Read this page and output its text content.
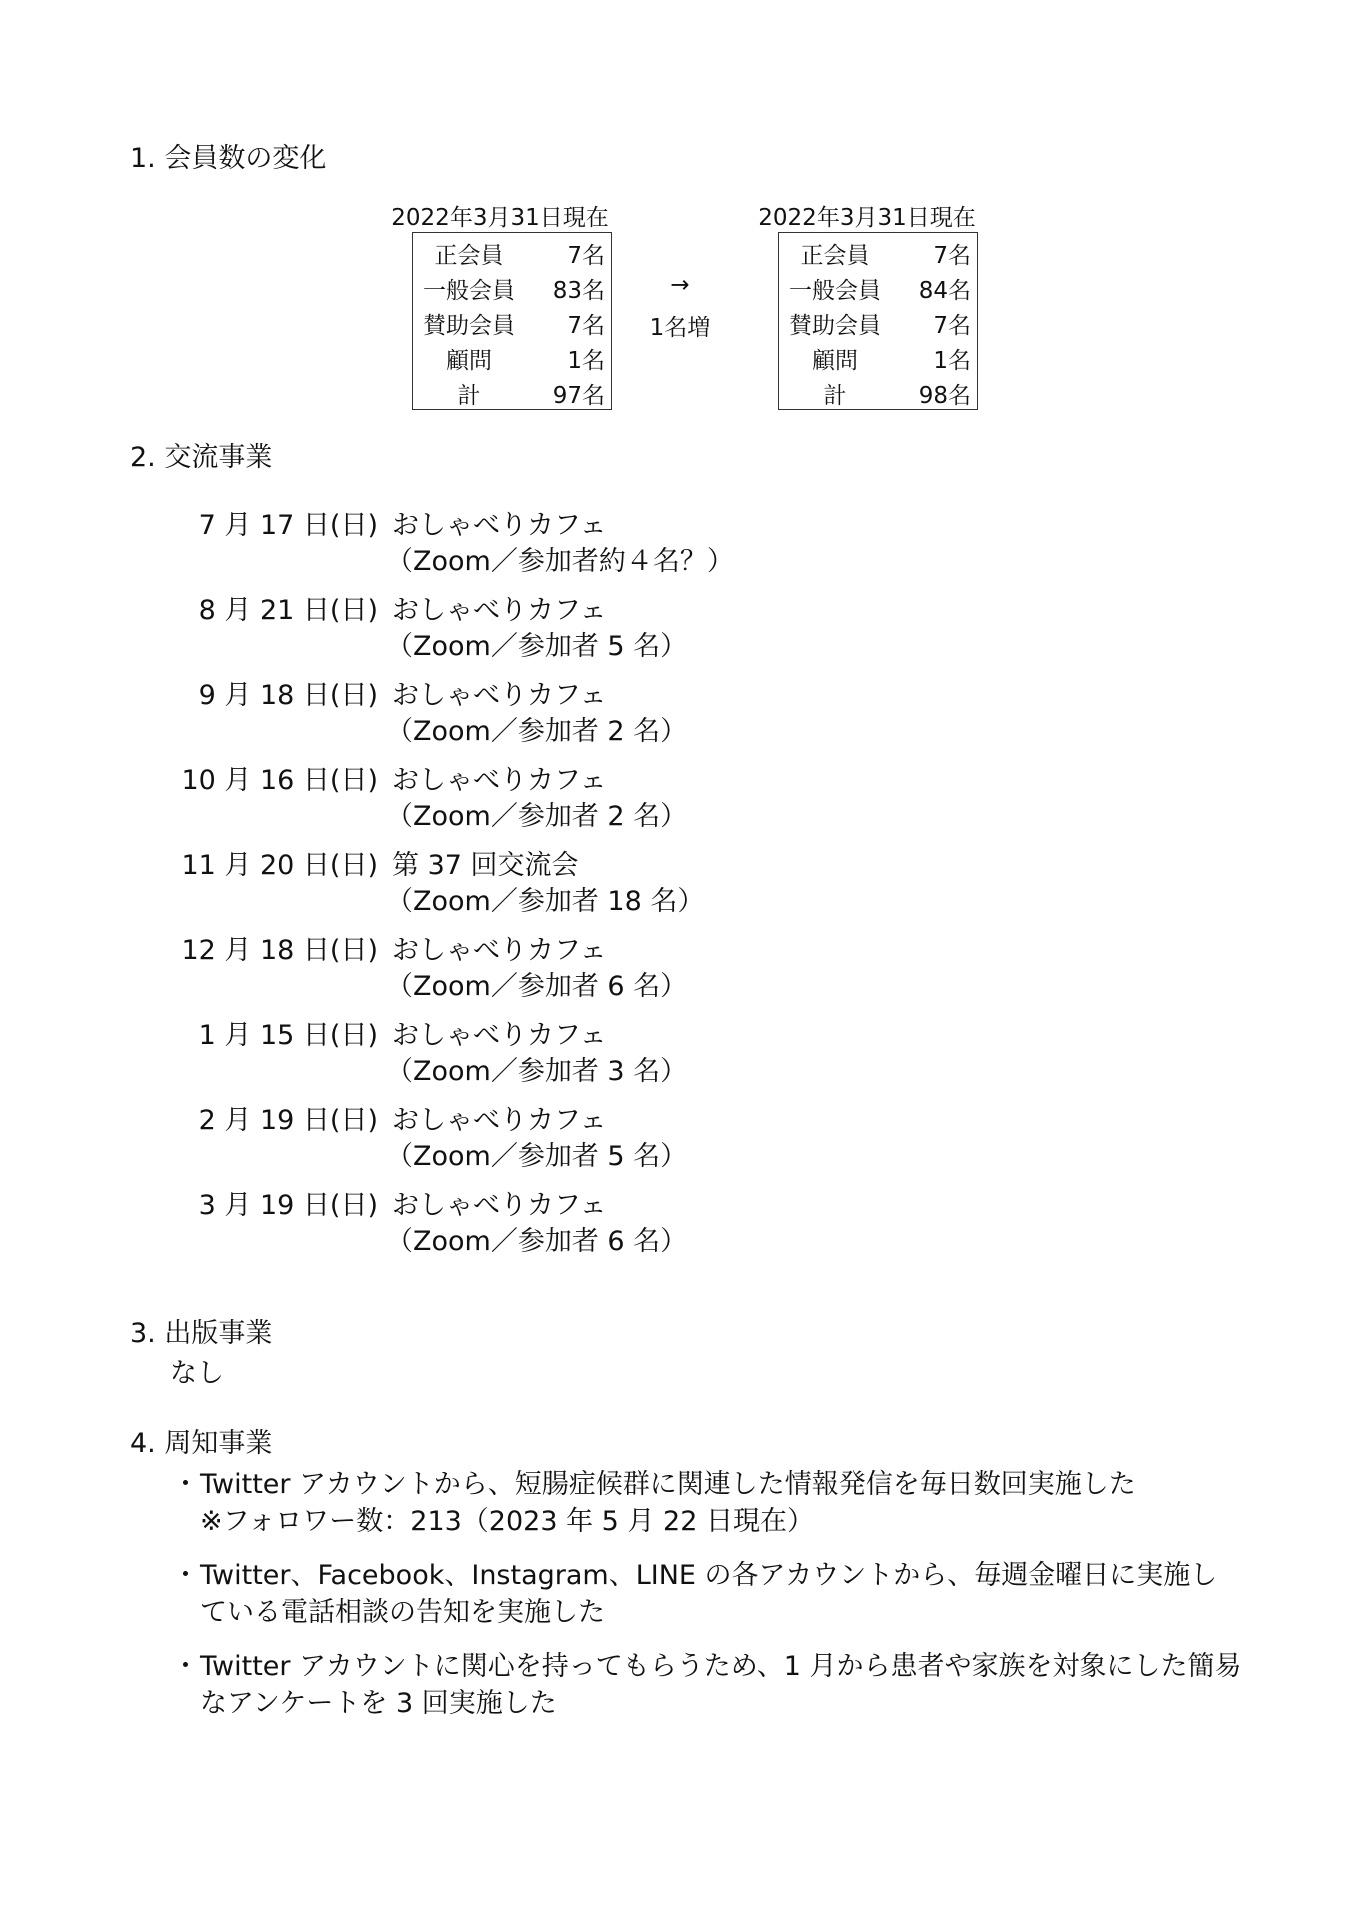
1. 会員数の変化
2022年3月31日現在
正会員	7名
一般会員	83名
賛助会員	7名
顧問	1名
計	97名
→
1名増
2022年3月31日現在
正会員	7名
一般会員	84名
賛助会員	7名
顧問	1名
計	98名
2. 交流事業
7 月 17 日(日) おしゃべりカフェ
（Zoom／参加者約４名？）
8 月 21 日(日) おしゃべりカフェ
（Zoom／参加者 5 名）
9 月 18 日(日) おしゃべりカフェ
（Zoom／参加者 2 名）
10 月 16 日(日) おしゃべりカフェ
（Zoom／参加者 2 名）
11 月 20 日(日) 第 37 回交流会
（Zoom／参加者 18 名）
12 月 18 日(日) おしゃべりカフェ
（Zoom／参加者 6 名）
1 月 15 日(日) おしゃべりカフェ
（Zoom／参加者 3 名）
2 月 19 日(日) おしゃべりカフェ
（Zoom／参加者 5 名）
3 月 19 日(日) おしゃべりカフェ
（Zoom／参加者 6 名）
3. 出版事業
なし
4. 周知事業
・ Twitter アカウントから、短腸症候群に関連した情報発信を毎日数回実施した
※フォロワー数：213（2023 年 5 月 22 日現在）
・ Twitter、Facebook、Instagram、LINE の各アカウントから、毎週金曜日に実施し
ている電話相談の告知を実施した
・ Twitter アカウントに関心を持ってもらうため、1 月から患者や家族を対象にした簡易
なアンケートを 3 回実施した
